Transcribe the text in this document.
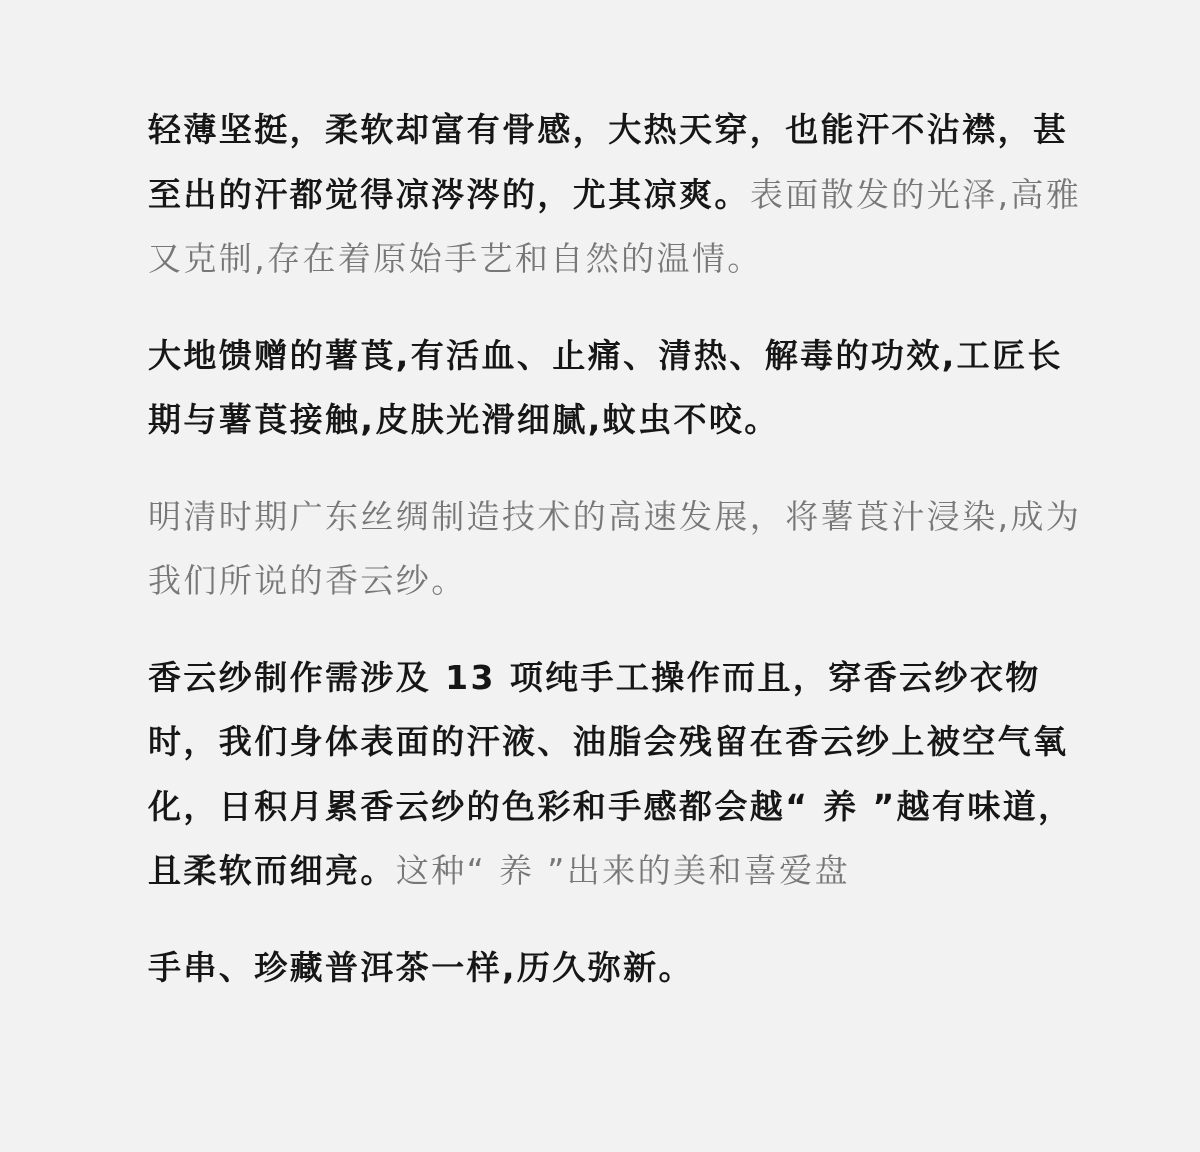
轻薄坚挺，柔软却富有骨感，大热天穿，也能汗不沾襟，甚至出的汗都觉得凉涔涔的，尤其凉爽。表面散发的光泽,高雅又克制,存在着原始手艺和自然的温情。

大地馈赠的薯莨,有活血、止痛、清热、解毒的功效,工匠长期与薯莨接触,皮肤光滑细腻,蚊虫不咬。

明清时期广东丝绸制造技术的高速发展，将薯莨汁浸染,成为我们所说的香云纱。

香云纱制作需涉及 13 项纯手工操作而且，穿香云纱衣物时，我们身体表面的汗液、油脂会残留在香云纱上被空气氧化，日积月累香云纱的色彩和手感都会越“ 养 ”越有味道，且柔软而细亮。这种“ 养 ”出来的美和喜爱盘

手串、珍藏普洱茶一样,历久弥新。
